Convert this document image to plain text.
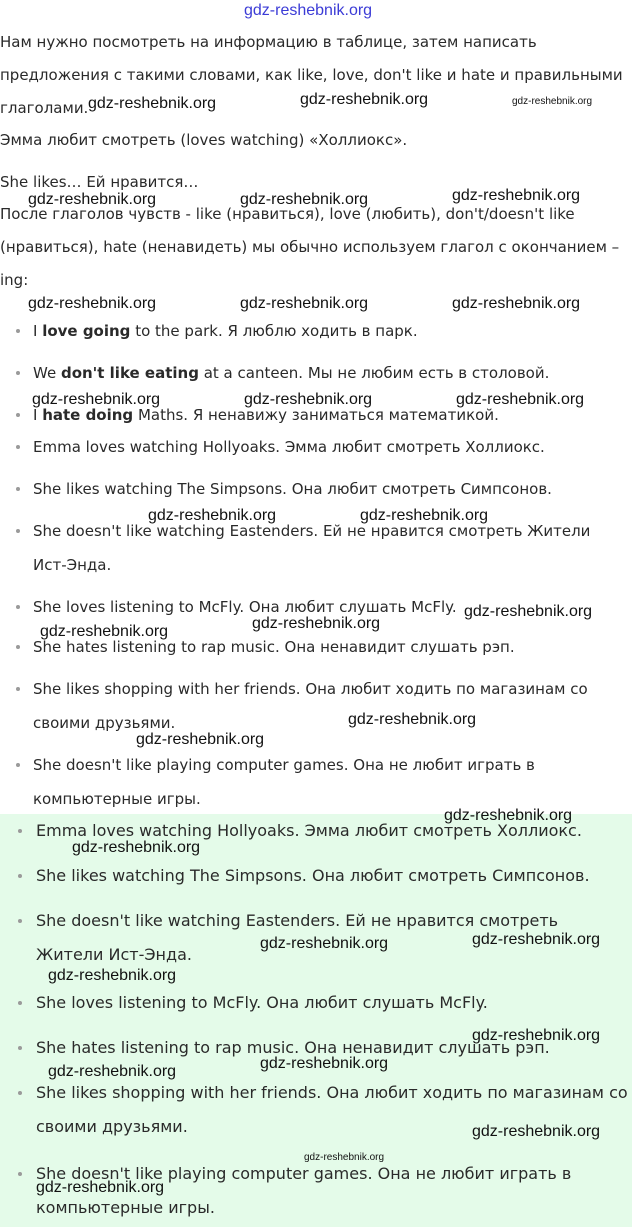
gdz-reshebnik.org
Нам нужно посмотреть на информацию в таблице, затем написать
предложения с такими словами, как like, love, don't like и hate и правильными
глаголами.
Эмма любит смотреть (loves watching) «Холлиокс».
She likes… Ей нравится…
После глаголов чувств - like (нравиться), love (любить), don't/doesn't like
(нравиться), hate (ненавидеть) мы обычно используем глагол с окончанием –
ing:
I love going to the park. Я люблю ходить в парк.
We don't like eating at a canteen. Мы не любим есть в столовой.
I hate doing Maths. Я ненавижу заниматься математикой.
Emma loves watching Hollyoaks. Эмма любит смотреть Холлиокс.
She likes watching The Simpsons. Она любит смотреть Симпсонов.
She doesn't like watching Eastenders. Ей не нравится смотреть Жители Ист-Энда.
She loves listening to McFly. Она любит слушать McFly.
She hates listening to rap music. Она ненавидит слушать рэп.
She likes shopping with her friends. Она любит ходить по магазинам со своими друзьями.
She doesn't like playing computer games. Она не любит играть в компьютерные игры.
Emma loves watching Hollyoaks. Эмма любит смотреть Холлиокс.
She likes watching The Simpsons. Она любит смотреть Симпсонов.
She doesn't like watching Eastenders. Ей не нравится смотреть Жители Ист-Энда.
She loves listening to McFly. Она любит слушать McFly.
She hates listening to rap music. Она ненавидит слушать рэп.
She likes shopping with her friends. Она любит ходить по магазинам со своими друзьями.
She doesn't like playing computer games. Она не любит играть в компьютерные игры.
gdz-reshebnik.org	gdz-reshebnik.org	gdz-reshebnik.org
gdz-reshebnik.org	gdz-reshebnik.org	gdz-reshebnik.org
gdz-reshebnik.org	gdz-reshebnik.org	gdz-reshebnik.org
gdz-reshebnik.org	gdz-reshebnik.org	gdz-reshebnik.org
gdz-reshebnik.org	gdz-reshebnik.org
gdz-reshebnik.org
gdz-reshebnik.org	gdz-reshebnik.org
gdz-reshebnik.org
gdz-reshebnik.org
gdz-reshebnik.org
gdz-reshebnik.org
gdz-reshebnik.org	gdz-reshebnik.org
gdz-reshebnik.org
gdz-reshebnik.org
gdz-reshebnik.org
gdz-reshebnik.org
gdz-reshebnik.org
gdz-reshebnik.org
gdz-reshebnik.org
